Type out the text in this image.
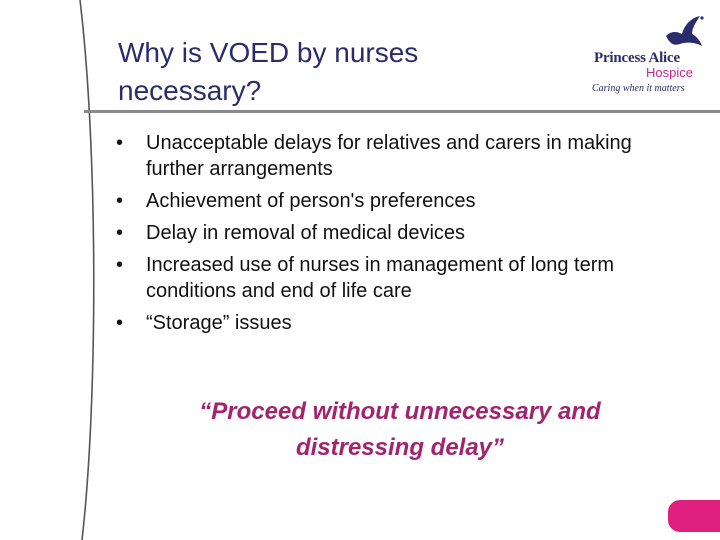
Why is VOED by nurses necessary?
Princess Alice
Hospice
Caring when it matters
• Unacceptable delays for relatives and carers in making further arrangements
• Achievement of person's preferences
• Delay in removal of medical devices
• Increased use of nurses in management of long term conditions and end of life care
• “Storage” issues

“Proceed without unnecessary and distressing delay”
